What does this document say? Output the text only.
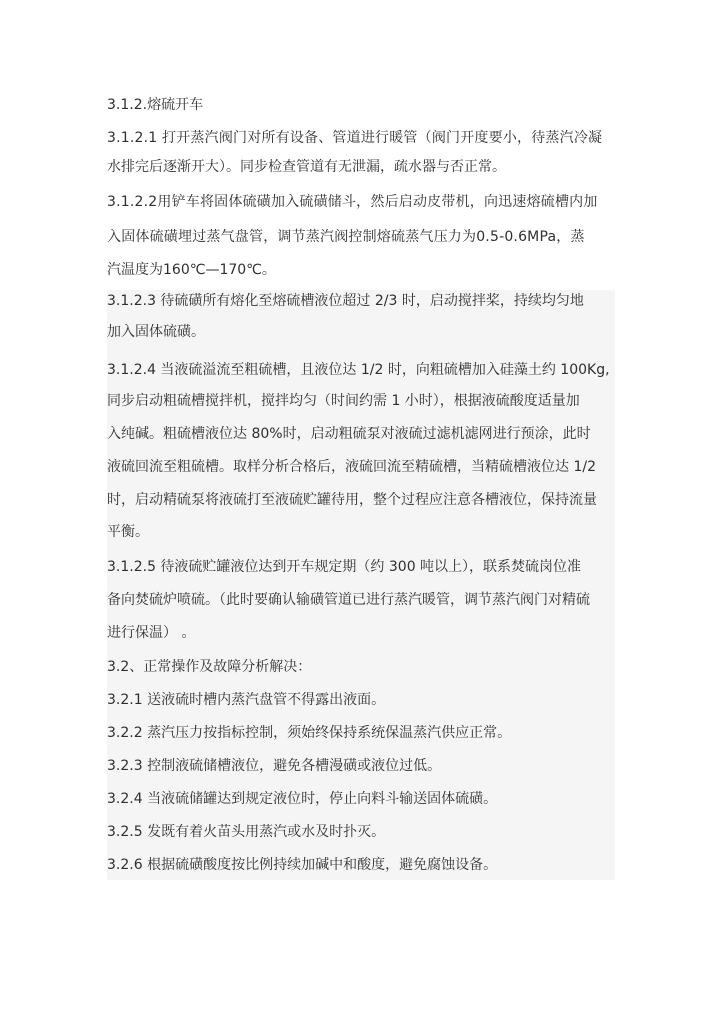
3.1.2.熔硫开车
3.1.2.1 打开蒸汽阀门对所有设备、管道进行暖管（阀门开度要小，待蒸汽冷凝
水排完后逐渐开大）。同步检查管道有无泄漏，疏水器与否正常。
3.1.2.2用铲车将固体硫磺加入硫磺储斗，然后启动皮带机，向迅速熔硫槽内加
入固体硫磺埋过蒸气盘管，调节蒸汽阀控制熔硫蒸气压力为0.5-0.6MPa，蒸
汽温度为160℃—170℃。
3.1.2.3 待硫磺所有熔化至熔硫槽液位超过 2/3 时，启动搅拌桨，持续均匀地
加入固体硫磺。
3.1.2.4 当液硫溢流至粗硫槽，且液位达 1/2 时，向粗硫槽加入硅藻土约 100Kg,
同步启动粗硫槽搅拌机，搅拌均匀（时间约需 1 小时），根据液硫酸度适量加
入纯碱。粗硫槽液位达 80%时，启动粗硫泵对液硫过滤机滤网进行预涂，此时
液硫回流至粗硫槽。取样分析合格后，液硫回流至精硫槽，当精硫槽液位达 1/2
时，启动精硫泵将液硫打至液硫贮罐待用，整个过程应注意各槽液位，保持流量
平衡。
3.1.2.5 待液硫贮罐液位达到开车规定期（约 300 吨以上），联系焚硫岗位准
备向焚硫炉喷硫。（此时要确认输磺管道已进行蒸汽暖管，调节蒸汽阀门对精硫
进行保温） 。
3.2、正常操作及故障分析解决：
3.2.1 送液硫时槽内蒸汽盘管不得露出液面。
3.2.2 蒸汽压力按指标控制，须始终保持系统保温蒸汽供应正常。
3.2.3 控制液硫储槽液位，避免各槽漫磺或液位过低。
3.2.4 当液硫储罐达到规定液位时，停止向料斗输送固体硫磺。
3.2.5 发既有着火苗头用蒸汽或水及时扑灭。
3.2.6 根据硫磺酸度按比例持续加碱中和酸度，避免腐蚀设备。
